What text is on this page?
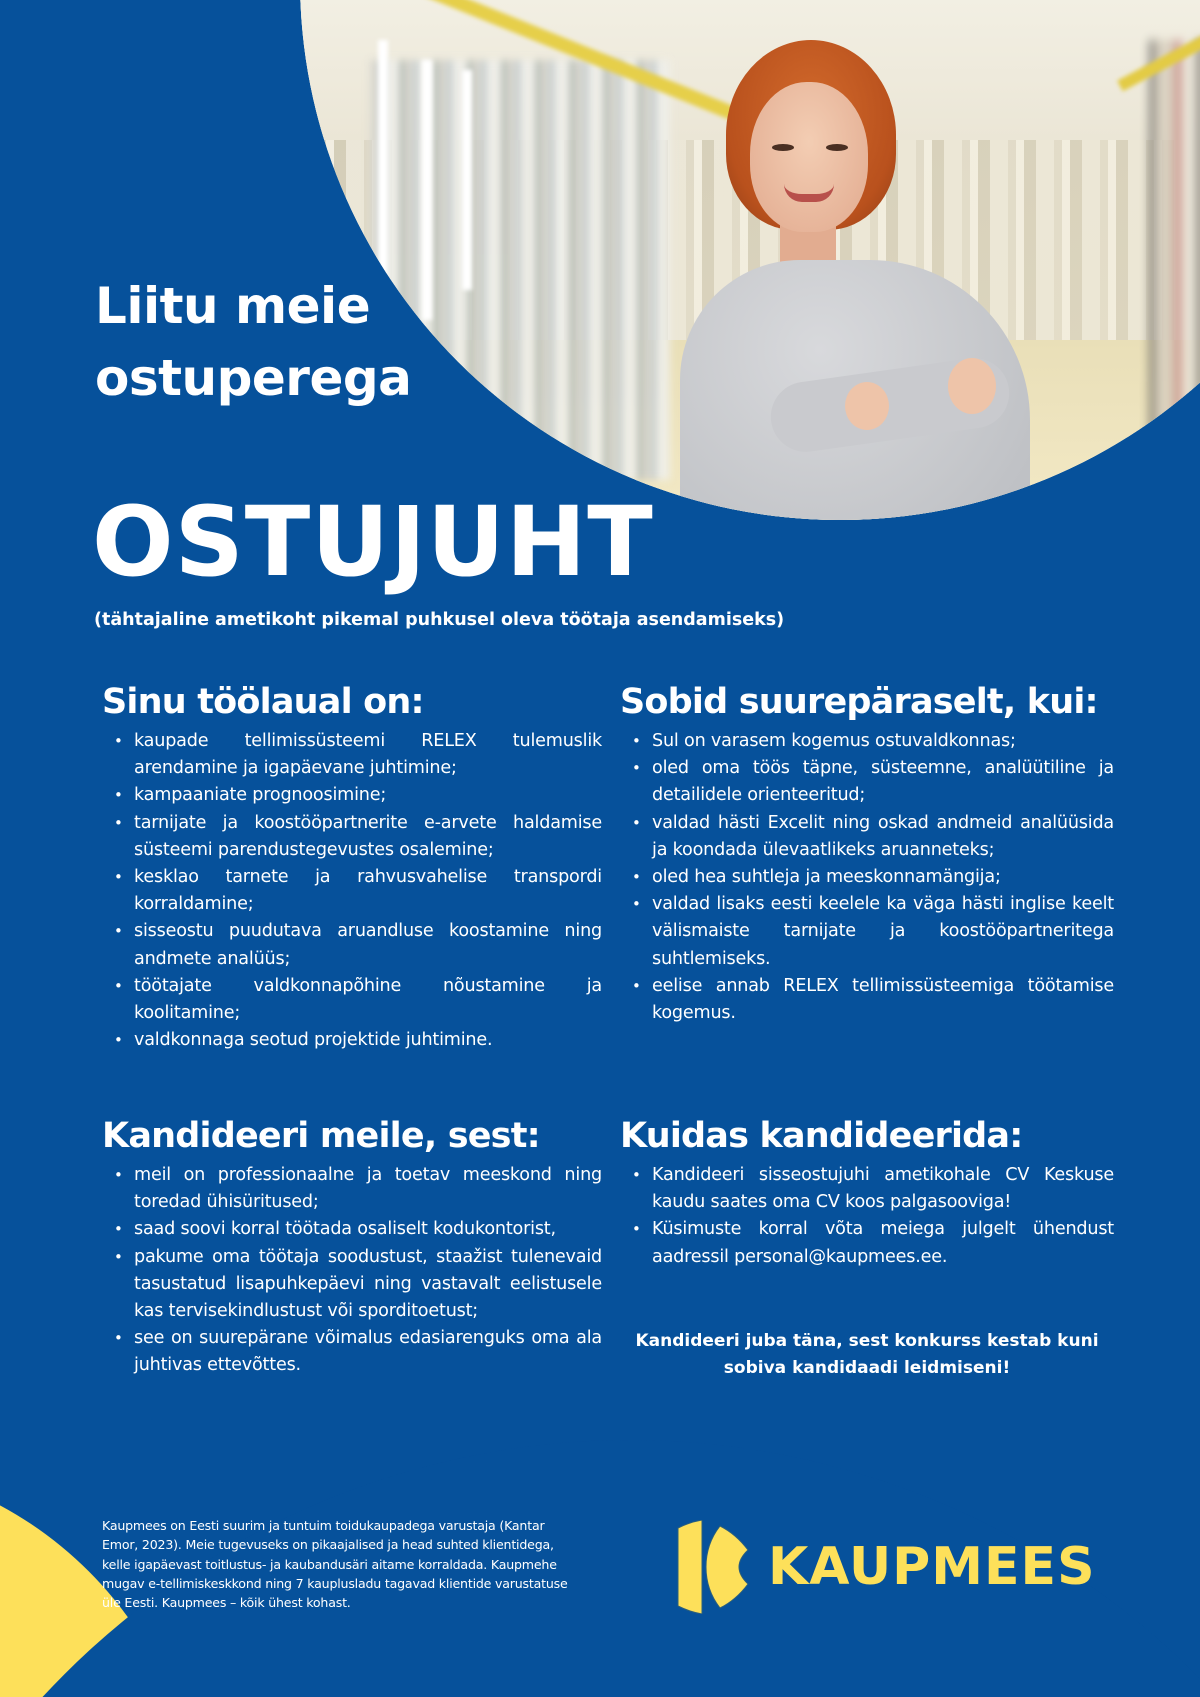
Liitu meie
ostuperega
OSTUJUHT
(tähtajaline ametikoht pikemal puhkusel oleva töötaja asendamiseks)
Sinu töölaual on:
• kaupade tellimissüsteemi RELEX tulemuslik arendamine ja igapäevane juhtimine;
• kampaaniate prognoosimine;
• tarnijate ja koostööpartnerite e-arvete haldamise süsteemi parendustegevustes osalemine;
• kesklao tarnete ja rahvusvahelise transpordi korraldamine;
• sisseostu puudutava aruandluse koostamine ning andmete analüüs;
• töötajate valdkonnapõhine nõustamine ja koolitamine;
• valdkonnaga seotud projektide juhtimine.
Sobid suurepäraselt, kui:
• Sul on varasem kogemus ostuvaldkonnas;
• oled oma töös täpne, süsteemne, analüütiline ja detailidele orienteeritud;
• valdad hästi Excelit ning oskad andmeid analüüsida ja koondada ülevaatlikeks aruanneteks;
• oled hea suhtleja ja meeskonnamängija;
• valdad lisaks eesti keelele ka väga hästi inglise keelt välismaiste tarnijate ja koostööpartneritega suhtlemiseks.
• eelise annab RELEX tellimissüsteemiga töötamise kogemus.
Kandideeri meile, sest:
• meil on professionaalne ja toetav meeskond ning toredad ühisüritused;
• saad soovi korral töötada osaliselt kodukontorist,
• pakume oma töötaja soodustust, staažist tulenevaid tasustatud lisapuhkepäevi ning vastavalt eelistusele kas tervisekindlustust või sporditoetust;
• see on suurepärane võimalus edasiarenguks oma ala juhtivas ettevõttes.
Kuidas kandideerida:
• Kandideeri sisseostujuhi ametikohale CV Keskuse kaudu saates oma CV koos palgasooviga!
• Küsimuste korral võta meiega julgelt ühendust aadressil personal@kaupmees.ee.
Kandideeri juba täna, sest konkurss kestab kuni
sobiva kandidaadi leidmiseni!
Kaupmees on Eesti suurim ja tuntuim toidukaupadega varustaja (Kantar Emor, 2023). Meie tugevuseks on pikaajalised ja head suhted klientidega, kelle igapäevast toitlustus- ja kaubandusäri aitame korraldada. Kaupmehe mugav e-tellimiskeskkond ning 7 kauplusladu tagavad klientide varustatuse üle Eesti. Kaupmees – kõik ühest kohast.
KAUPMEES
